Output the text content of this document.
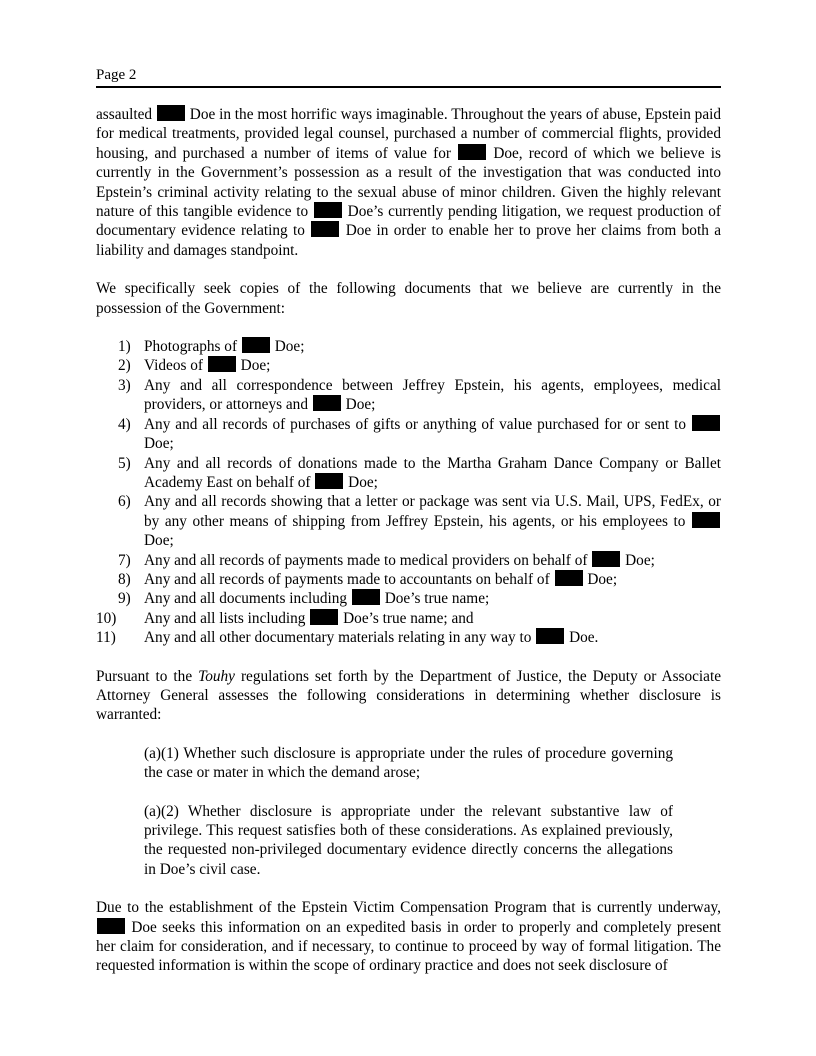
Page 2

assaulted Doe in the most horrific ways imaginable. Throughout the years of abuse, Epstein paid for medical treatments, provided legal counsel, purchased a number of commercial flights, provided housing, and purchased a number of items of value for	Doe, record of which we believe is currently in the Government’s possession as a result of the investigation that was conducted into Epstein’s criminal activity relating to the sexual abuse of minor children. Given the highly relevant nature of this tangible evidence to	Doe’s currently pending litigation, we request production of documentary evidence relating to	Doe in order to enable her to prove her claims from both a liability and damages standpoint.

We specifically seek copies of the following documents that we believe are currently in the possession of the Government:

1) Photographs of Doe;
2) Videos of Doe;
3) Any and all correspondence between Jeffrey Epstein, his agents, employees, medical providers, or attorneys and Doe;
4) Any and all records of purchases of gifts or anything of value purchased for or sent to  Doe;
5) Any and all records of donations made to the Martha Graham Dance Company or Ballet Academy East on behalf of Doe;
6) Any and all records showing that a letter or package was sent via U.S. Mail, UPS, FedEx, or by any other means of shipping from Jeffrey Epstein, his agents, or his employees to  Doe;
7) Any and all records of payments made to medical providers on behalf of Doe;
8) Any and all records of payments made to accountants on behalf of Doe;
9) Any and all documents including Doe’s true name;
10) Any and all lists including Doe’s true name; and
11) Any and all other documentary materials relating in any way to Doe.

Pursuant to the Touhy regulations set forth by the Department of Justice, the Deputy or Associate Attorney General assesses the following considerations in determining whether disclosure is warranted:

(a)(1) Whether such disclosure is appropriate under the rules of procedure governing the case or mater in which the demand arose;

(a)(2) Whether disclosure is appropriate under the relevant substantive law of privilege. This request satisfies both of these considerations. As explained previously, the requested non-privileged documentary evidence directly concerns the allegations in Doe’s civil case.

Due to the establishment of the Epstein Victim Compensation Program that is currently underway,  Doe seeks this information on an expedited basis in order to properly and completely present her claim for consideration, and if necessary, to continue to proceed by way of formal litigation. The requested information is within the scope of ordinary practice and does not seek disclosure of
